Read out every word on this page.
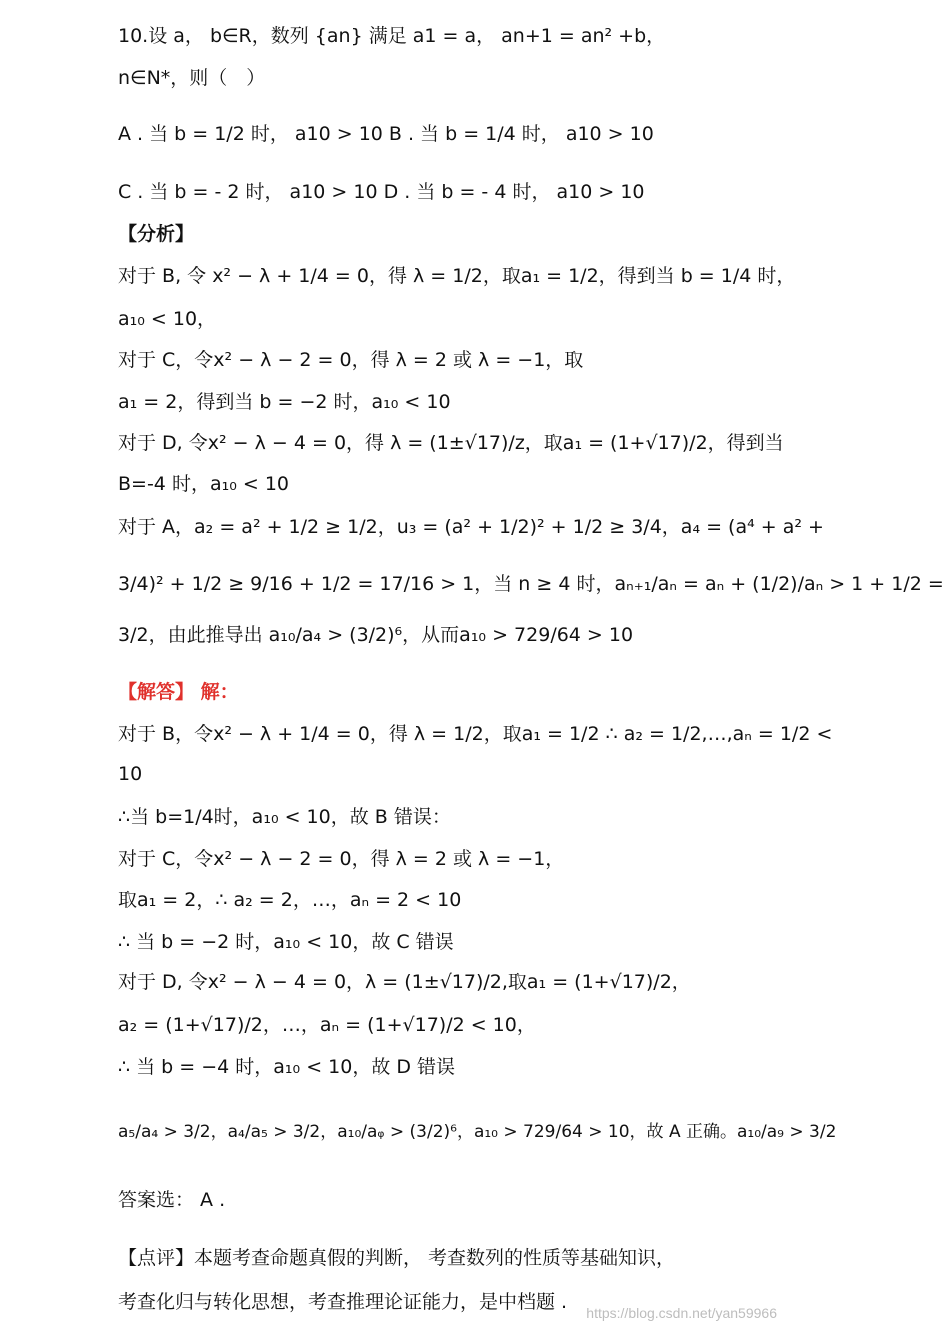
10.设 a， b∈R，数列 {an} 满足 a1 = a， an+1 = an² +b，
n∈N*，则（　）
A . 当 b = 1/2 时， a10 > 10 B . 当 b = 1/4 时， a10 > 10
C . 当 b = - 2 时， a10 > 10 D . 当 b = - 4 时， a10 > 10
【分析】
对于 B, 令 x² − λ + 1/4 = 0，得 λ = 1/2，取a₁ = 1/2，得到当 b = 1/4 时，
a₁₀ < 10，
对于 C，令x² − λ − 2 = 0，得 λ = 2 或 λ = −1，取
a₁ = 2，得到当 b = −2 时，a₁₀ < 10
对于 D, 令x² − λ − 4 = 0，得 λ = (1±√17)/z，取a₁ = (1+√17)/2，得到当
B=-4 时，a₁₀ < 10
对于 A，a₂ = a² + 1/2 ≥ 1/2，u₃ = (a² + 1/2)² + 1/2 ≥ 3/4，a₄ = (a⁴ + a² +
3/4)² + 1/2 ≥ 9/16 + 1/2 = 17/16 > 1，当 n ≥ 4 时，aₙ₊₁/aₙ = aₙ + (1/2)/aₙ > 1 + 1/2 =
3/2，由此推导出 a₁₀/a₄ > (3/2)⁶，从而a₁₀ > 729/64 > 10
【解答】 解：
对于 B，令x² − λ + 1/4 = 0，得 λ = 1/2，取a₁ = 1/2 ∴ a₂ = 1/2,…,aₙ = 1/2 <
10
∴当 b=1/4时，a₁₀ < 10，故 B 错误：
对于 C，令x² − λ − 2 = 0，得 λ = 2 或 λ = −1，
取a₁ = 2，∴ a₂ = 2，…，aₙ = 2 < 10
∴ 当 b = −2 时，a₁₀ < 10，故 C 错误
对于 D, 令x² − λ − 4 = 0，λ = (1±√17)/2,取a₁ = (1+√17)/2，
a₂ = (1+√17)/2，…，aₙ = (1+√17)/2 < 10，
∴ 当 b = −4 时，a₁₀ < 10，故 D 错误
a₅/a₄ > 3/2，a₄/a₅ > 3/2，a₁₀/aᵩ > (3/2)⁶，a₁₀ > 729/64 > 10，故 A 正确。a₁₀/a₉ > 3/2
答案选： A .
【点评】本题考查命题真假的判断， 考查数列的性质等基础知识，
考查化归与转化思想，考查推理论证能力，是中档题 . https://blog.csdn.net/yan59966
